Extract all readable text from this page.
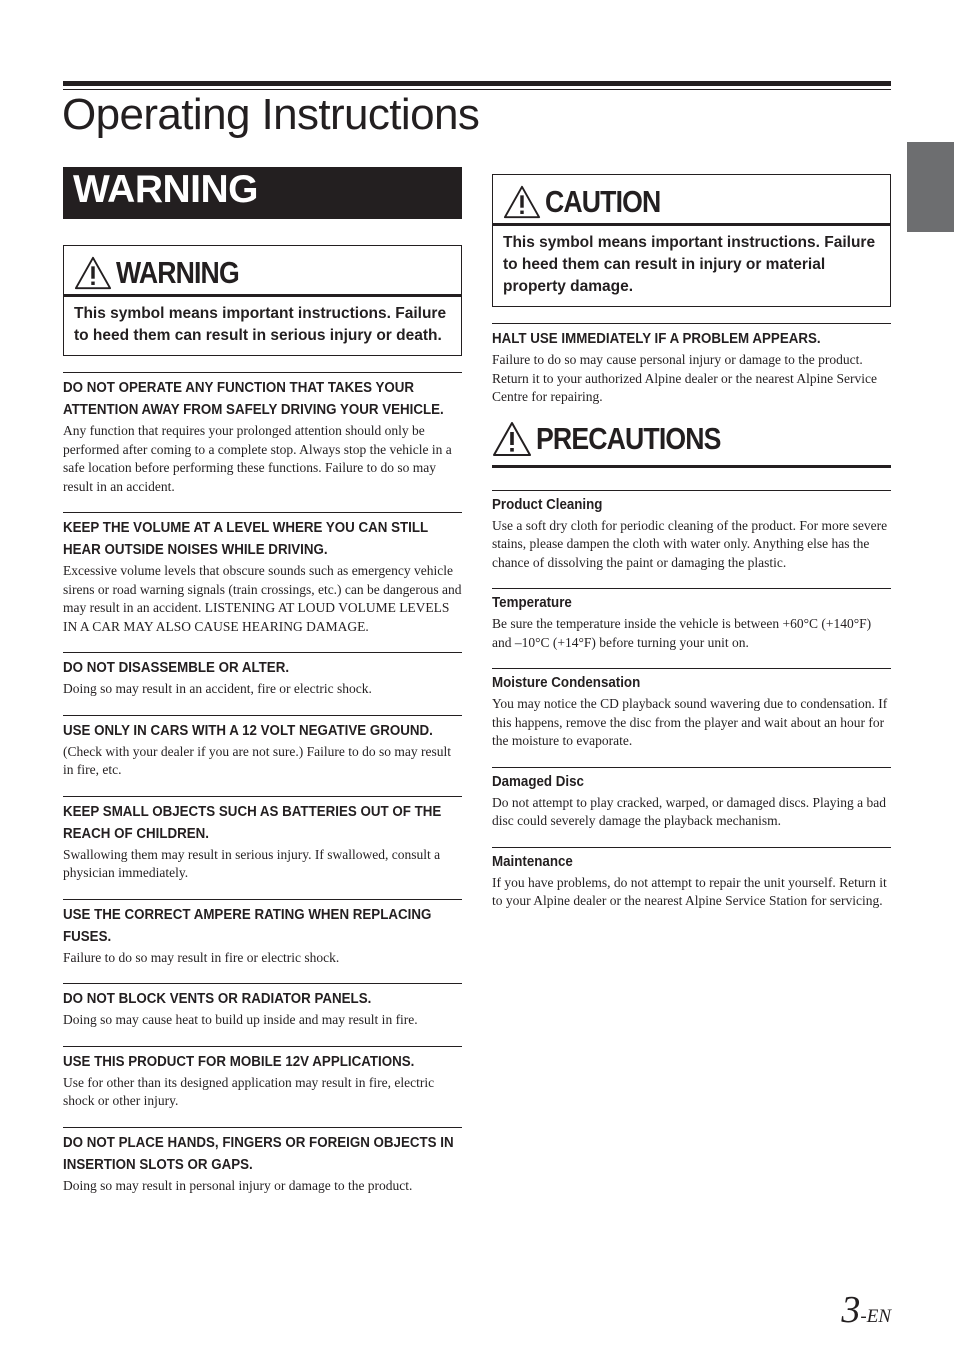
Operating Instructions
WARNING
WARNING
This symbol means important instructions. Failure to heed them can result in serious injury or death.
DO NOT OPERATE ANY FUNCTION THAT TAKES YOUR ATTENTION AWAY FROM SAFELY DRIVING YOUR VEHICLE.
Any function that requires your prolonged attention should only be performed after coming to a complete stop. Always stop the vehicle in a safe location before performing these functions. Failure to do so may result in an accident.
KEEP THE VOLUME AT A LEVEL WHERE YOU CAN STILL HEAR OUTSIDE NOISES WHILE DRIVING.
Excessive volume levels that obscure sounds such as emergency vehicle sirens or road warning signals (train crossings, etc.) can be dangerous and may result in an accident. LISTENING AT LOUD VOLUME LEVELS IN A CAR MAY ALSO CAUSE HEARING DAMAGE.
DO NOT DISASSEMBLE OR ALTER.
Doing so may result in an accident, fire or electric shock.
USE ONLY IN CARS WITH A 12 VOLT NEGATIVE GROUND.
(Check with your dealer if you are not sure.) Failure to do so may result in fire, etc.
KEEP SMALL OBJECTS SUCH AS BATTERIES OUT OF THE REACH OF CHILDREN.
Swallowing them may result in serious injury. If swallowed, consult a physician immediately.
USE THE CORRECT AMPERE RATING WHEN REPLACING FUSES.
Failure to do so may result in fire or electric shock.
DO NOT BLOCK VENTS OR RADIATOR PANELS.
Doing so may cause heat to build up inside and may result in fire.
USE THIS PRODUCT FOR MOBILE 12V APPLICATIONS.
Use for other than its designed application may result in fire, electric shock or other injury.
DO NOT PLACE HANDS, FINGERS OR FOREIGN OBJECTS IN INSERTION SLOTS OR GAPS.
Doing so may result in personal injury or damage to the product.
CAUTION
This symbol means important instructions. Failure to heed them can result in injury or material property damage.
HALT USE IMMEDIATELY IF A PROBLEM APPEARS.
Failure to do so may cause personal injury or damage to the product. Return it to your authorized Alpine dealer or the nearest Alpine Service Centre for repairing.
PRECAUTIONS
Product Cleaning
Use a soft dry cloth for periodic cleaning of the product. For more severe stains, please dampen the cloth with water only. Anything else has the chance of dissolving the paint or damaging the plastic.
Temperature
Be sure the temperature inside the vehicle is between +60°C (+140°F) and –10°C (+14°F) before turning your unit on.
Moisture Condensation
You may notice the CD playback sound wavering due to condensation. If this happens, remove the disc from the player and wait about an hour for the moisture to evaporate.
Damaged Disc
Do not attempt to play cracked, warped, or damaged discs. Playing a bad disc could severely damage the playback mechanism.
Maintenance
If you have problems, do not attempt to repair the unit yourself. Return it to your Alpine dealer or the nearest Alpine Service Station for servicing.
3-EN
